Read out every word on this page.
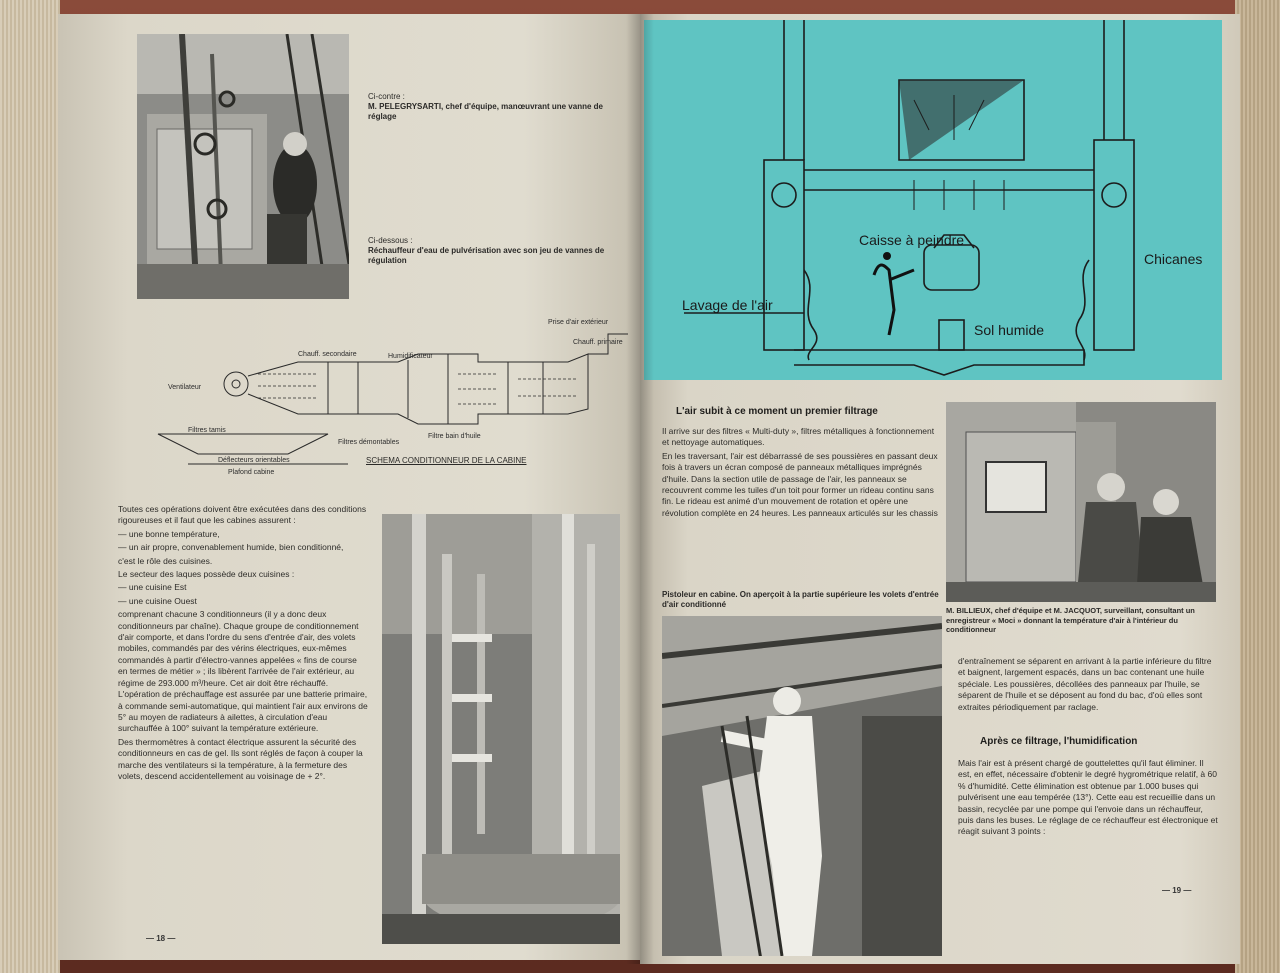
Ci-contre :
M. PELEGRYSARTI, chef d'équipe, manœuvrant une vanne de réglage
Ci-dessous :
Réchauffeur d'eau de pulvérisation avec son jeu de vannes de régulation
Prise d'air extérieur
Chauff. secondaire	Humidificateur
Chauff. primaire
Ventilateur
Filtres tamis
Filtres démontables
Filtre bain d'huile
Déflecteurs orientables
Plafond cabine
SCHEMA CONDITIONNEUR DE LA CABINE

Toutes ces opérations doivent être exécutées dans des conditions rigoureuses et il faut que les cabines assurent :

— une bonne température,

— un air propre, convenablement humide, bien conditionné,

c'est le rôle des cuisines.

Le secteur des laques possède deux cuisines :

— une cuisine Est

— une cuisine Ouest

comprenant chacune 3 conditionneurs (il y a donc deux conditionneurs par chaîne). Chaque groupe de conditionnement d'air comporte, et dans l'ordre du sens d'entrée d'air, des volets mobiles, commandés par des vérins électriques, eux-mêmes commandés à partir d'électro-vannes appelées « fins de course en termes de métier » ; ils libèrent l'arrivée de l'air extérieur, au régime de 293.000 m³/heure. Cet air doit être réchauffé. L'opération de préchauffage est assurée par une batterie primaire, à commande semi-automatique, qui maintient l'air aux environs de 5° au moyen de radiateurs à ailettes, à circulation d'eau surchauffée à 100° suivant la température extérieure.

Des thermomètres à contact électrique assurent la sécurité des conditionneurs en cas de gel. Ils sont réglés de façon à couper la marche des ventilateurs si la température, à la fermeture des volets, descend accidentellement au voisinage de + 2°.

— 18 —
Caisse à peindre
Chicanes
Lavage de l'air
Sol humide
L'air subit à ce moment un premier filtrage

Il arrive sur des filtres « Multi-duty », filtres métalliques à fonctionnement et nettoyage automatiques.

En les traversant, l'air est débarrassé de ses poussières en passant deux fois à travers un écran composé de panneaux métalliques imprégnés d'huile. Dans la section utile de passage de l'air, les panneaux se recouvrent comme les tuiles d'un toit pour former un rideau continu sans fin. Le rideau est animé d'un mouvement de rotation et opère une révolution complète en 24 heures. Les panneaux articulés sur les chassis

Pistoleur en cabine. On aperçoit à la partie supérieure les volets d'entrée d'air conditionné
M. BILLIEUX, chef d'équipe et M. JACQUOT, surveillant, consultant un enregistreur « Moci » donnant la température d'air à l'intérieur du conditionneur
d'entraînement se séparent en arrivant à la partie inférieure du filtre et baignent, largement espacés, dans un bac contenant une huile spéciale. Les poussières, décollées des panneaux par l'huile, se séparent de l'huile et se déposent au fond du bac, d'où elles sont extraites périodiquement par raclage.
Après ce filtrage, l'humidification
Mais l'air est à présent chargé de gouttelettes qu'il faut éliminer. Il est, en effet, nécessaire d'obtenir le degré hygrométrique relatif, à 60 % d'humidité. Cette élimination est obtenue par 1.000 buses qui pulvérisent une eau tempérée (13°). Cette eau est recueillie dans un bassin, recyclée par une pompe qui l'envoie dans un réchauffeur, puis dans les buses. Le réglage de ce réchauffeur est électronique et réagit suivant 3 points :
— 19 —
